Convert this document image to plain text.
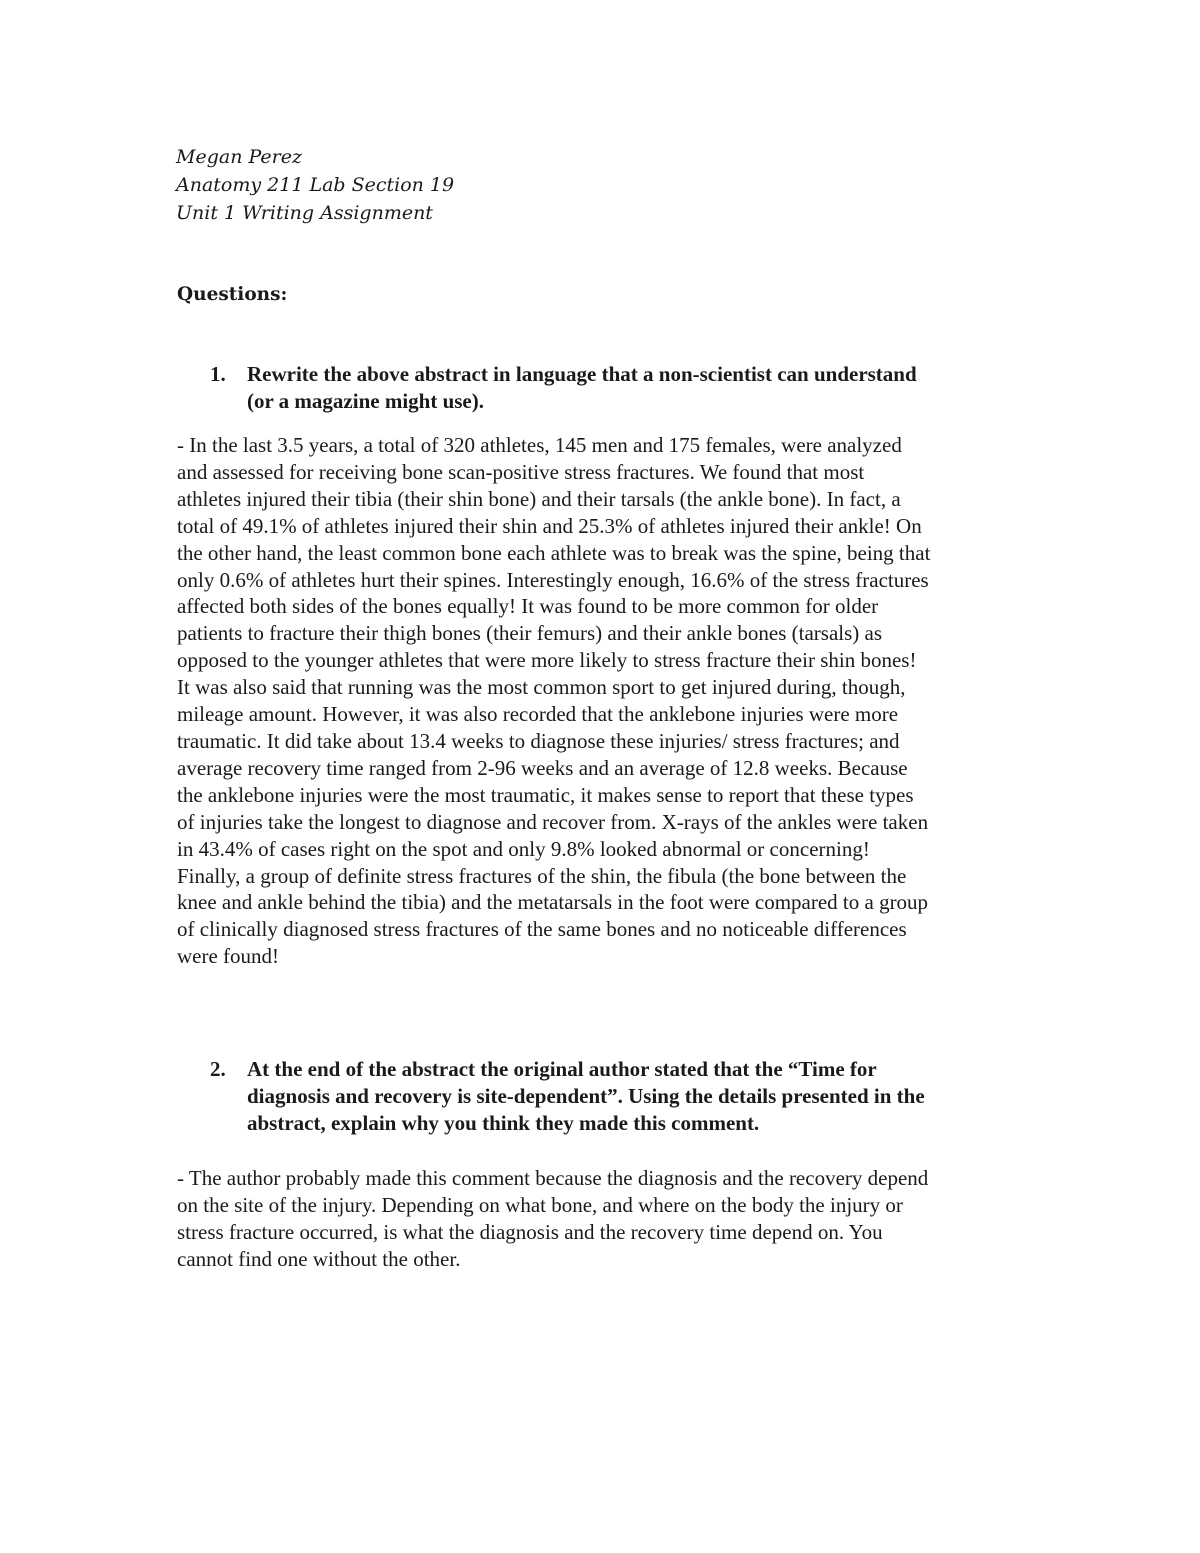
Megan Perez
Anatomy 211 Lab Section 19
Unit 1 Writing Assignment
Questions:
1.	Rewrite the above abstract in language that a non-scientist can understand
(or a magazine might use).
- In the last 3.5 years, a total of 320 athletes, 145 men and 175 females, were analyzed
and assessed for receiving bone scan-positive stress fractures. We found that most
athletes injured their tibia (their shin bone) and their tarsals (the ankle bone). In fact, a
total of 49.1% of athletes injured their shin and 25.3% of athletes injured their ankle! On
the other hand, the least common bone each athlete was to break was the spine, being that
only 0.6% of athletes hurt their spines. Interestingly enough, 16.6% of the stress fractures
affected both sides of the bones equally! It was found to be more common for older
patients to fracture their thigh bones (their femurs) and their ankle bones (tarsals) as
opposed to the younger athletes that were more likely to stress fracture their shin bones!
It was also said that running was the most common sport to get injured during, though,
mileage amount. However, it was also recorded that the anklebone injuries were more
traumatic. It did take about 13.4 weeks to diagnose these injuries/ stress fractures; and
average recovery time ranged from 2-96 weeks and an average of 12.8 weeks. Because
the anklebone injuries were the most traumatic, it makes sense to report that these types
of injuries take the longest to diagnose and recover from. X-rays of the ankles were taken
in 43.4% of cases right on the spot and only 9.8% looked abnormal or concerning!
Finally, a group of definite stress fractures of the shin, the fibula (the bone between the
knee and ankle behind the tibia) and the metatarsals in the foot were compared to a group
of clinically diagnosed stress fractures of the same bones and no noticeable differences
were found!
2.	At the end of the abstract the original author stated that the “Time for
diagnosis and recovery is site-dependent”. Using the details presented in the
abstract, explain why you think they made this comment.
- The author probably made this comment because the diagnosis and the recovery depend
on the site of the injury. Depending on what bone, and where on the body the injury or
stress fracture occurred, is what the diagnosis and the recovery time depend on. You
cannot find one without the other.
